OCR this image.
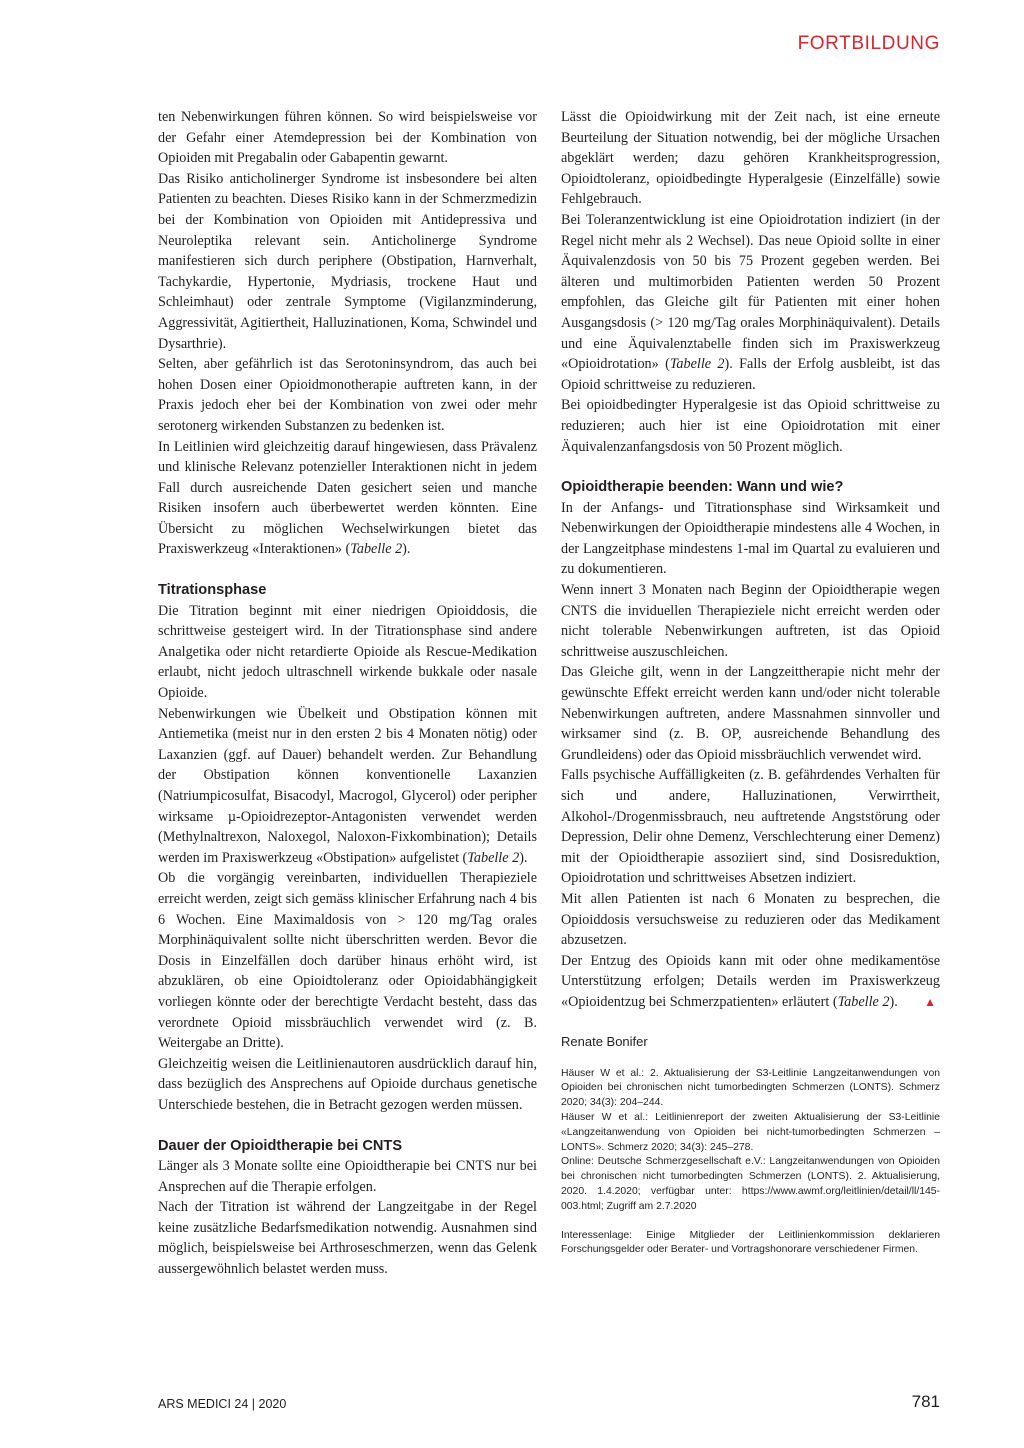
FORTBILDUNG

ten Nebenwirkungen führen können. So wird beispielsweise vor der Gefahr einer Atemdepression bei der Kombination von Opioiden mit Pregabalin oder Gabapentin gewarnt.

Das Risiko anticholinerger Syndrome ist insbesondere bei alten Patienten zu beachten. Dieses Risiko kann in der Schmerzmedizin bei der Kombination von Opioiden mit Antidepressiva und Neuroleptika relevant sein. Anticholinerge Syndrome manifestieren sich durch periphere (Obstipation, Harnverhalt, Tachykardie, Hypertonie, Mydriasis, trockene Haut und Schleimhaut) oder zentrale Symptome (Vigilanzminderung, Aggressivität, Agitiertheit, Halluzinationen, Koma, Schwindel und Dysarthrie).

Selten, aber gefährlich ist das Serotoninsyndrom, das auch bei hohen Dosen einer Opioidmonotherapie auftreten kann, in der Praxis jedoch eher bei der Kombination von zwei oder mehr serotonerg wirkenden Substanzen zu bedenken ist.

In Leitlinien wird gleichzeitig darauf hingewiesen, dass Prävalenz und klinische Relevanz potenzieller Interaktionen nicht in jedem Fall durch ausreichende Daten gesichert seien und manche Risiken insofern auch überbewertet werden könnten. Eine Übersicht zu möglichen Wechselwirkungen bietet das Praxiswerkzeug «Interaktionen» (Tabelle 2).

Titrationsphase

Die Titration beginnt mit einer niedrigen Opioiddosis, die schrittweise gesteigert wird. In der Titrationsphase sind andere Analgetika oder nicht retardierte Opioide als Rescue-Medikation erlaubt, nicht jedoch ultraschnell wirkende bukkale oder nasale Opioide.

Nebenwirkungen wie Übelkeit und Obstipation können mit Antiemetika (meist nur in den ersten 2 bis 4 Monaten nötig) oder Laxanzien (ggf. auf Dauer) behandelt werden. Zur Behandlung der Obstipation können konventionelle Laxanzien (Natriumpicosulfat, Bisacodyl, Macrogol, Glycerol) oder peripher wirksame µ-Opioidrezeptor-Antagonisten verwendet werden (Methylnaltrexon, Naloxegol, Naloxon-Fixkombination); Details werden im Praxiswerkzeug «Obstipation» aufgelistet (Tabelle 2).

Ob die vorgängig vereinbarten, individuellen Therapieziele erreicht werden, zeigt sich gemäss klinischer Erfahrung nach 4 bis 6 Wochen. Eine Maximaldosis von > 120 mg/Tag orales Morphinäquivalent sollte nicht überschritten werden. Bevor die Dosis in Einzelfällen doch darüber hinaus erhöht wird, ist abzuklären, ob eine Opioidtoleranz oder Opioidabhängigkeit vorliegen könnte oder der berechtigte Verdacht besteht, dass das verordnete Opioid missbräuchlich verwendet wird (z. B. Weitergabe an Dritte).

Gleichzeitig weisen die Leitlinienautoren ausdrücklich darauf hin, dass bezüglich des Ansprechens auf Opioide durchaus genetische Unterschiede bestehen, die in Betracht gezogen werden müssen.

Dauer der Opioidtherapie bei CNTS

Länger als 3 Monate sollte eine Opioidtherapie bei CNTS nur bei Ansprechen auf die Therapie erfolgen.

Nach der Titration ist während der Langzeitgabe in der Regel keine zusätzliche Bedarfsmedikation notwendig. Ausnahmen sind möglich, beispielsweise bei Arthroseschmerzen, wenn das Gelenk aussergewöhnlich belastet werden muss.

Lässt die Opioidwirkung mit der Zeit nach, ist eine erneute Beurteilung der Situation notwendig, bei der mögliche Ursachen abgeklärt werden; dazu gehören Krankheitsprogression, Opioidtoleranz, opioidbedingte Hyperalgesie (Einzelfälle) sowie Fehlgebrauch.

Bei Toleranzentwicklung ist eine Opioidrotation indiziert (in der Regel nicht mehr als 2 Wechsel). Das neue Opioid sollte in einer Äquivalenzdosis von 50 bis 75 Prozent gegeben werden. Bei älteren und multimorbiden Patienten werden 50 Prozent empfohlen, das Gleiche gilt für Patienten mit einer hohen Ausgangsdosis (> 120 mg/Tag orales Morphinäquivalent). Details und eine Äquivalenztabelle finden sich im Praxiswerkzeug «Opioidrotation» (Tabelle 2). Falls der Erfolg ausbleibt, ist das Opioid schrittweise zu reduzieren.

Bei opioidbedingter Hyperalgesie ist das Opioid schrittweise zu reduzieren; auch hier ist eine Opioidrotation mit einer Äquivalenzanfangsdosis von 50 Prozent möglich.

Opioidtherapie beenden: Wann und wie?

In der Anfangs- und Titrationsphase sind Wirksamkeit und Nebenwirkungen der Opioidtherapie mindestens alle 4 Wochen, in der Langzeitphase mindestens 1-mal im Quartal zu evaluieren und zu dokumentieren.

Wenn innert 3 Monaten nach Beginn der Opioidtherapie wegen CNTS die inviduellen Therapieziele nicht erreicht werden oder nicht tolerable Nebenwirkungen auftreten, ist das Opioid schrittweise auszuschleichen.

Das Gleiche gilt, wenn in der Langzeittherapie nicht mehr der gewünschte Effekt erreicht werden kann und/oder nicht tolerable Nebenwirkungen auftreten, andere Massnahmen sinnvoller und wirksamer sind (z. B. OP, ausreichende Behandlung des Grundleidens) oder das Opioid missbräuchlich verwendet wird.

Falls psychische Auffälligkeiten (z. B. gefährdendes Verhalten für sich und andere, Halluzinationen, Verwirrtheit, Alkohol-/Drogenmissbrauch, neu auftretende Angststörung oder Depression, Delir ohne Demenz, Verschlechterung einer Demenz) mit der Opioidtherapie assoziiert sind, sind Dosisreduktion, Opioidrotation und schrittweises Absetzen indiziert.

Mit allen Patienten ist nach 6 Monaten zu besprechen, die Opioiddosis versuchsweise zu reduzieren oder das Medikament abzusetzen.

Der Entzug des Opioids kann mit oder ohne medikamentöse Unterstützung erfolgen; Details werden im Praxiswerkzeug «Opioidentzug bei Schmerzpatienten» erläutert (Tabelle 2). ▲

Renate Bonifer

Häuser W et al.: 2. Aktualisierung der S3-Leitlinie Langzeitanwendungen von Opioiden bei chronischen nicht tumorbedingten Schmerzen (LONTS). Schmerz 2020; 34(3): 204–244.

Häuser W et al.: Leitlinienreport der zweiten Aktualisierung der S3-Leitlinie «Langzeitanwendung von Opioiden bei nicht-tumorbedingten Schmerzen – LONTS». Schmerz 2020; 34(3): 245–278.

Online: Deutsche Schmerzgesellschaft e.V.: Langzeitanwendungen von Opioiden bei chronischen nicht tumorbedingten Schmerzen (LONTS). 2. Aktualisierung, 2020. 1.4.2020; verfügbar unter: https://www.awmf.org/leitlinien/detail/ll/145-003.html; Zugriff am 2.7.2020

Interessenlage: Einige Mitglieder der Leitlinienkommission deklarieren Forschungsgelder oder Berater- und Vortragshonorare verschiedener Firmen.

ARS MEDICI 24 | 2020	781
